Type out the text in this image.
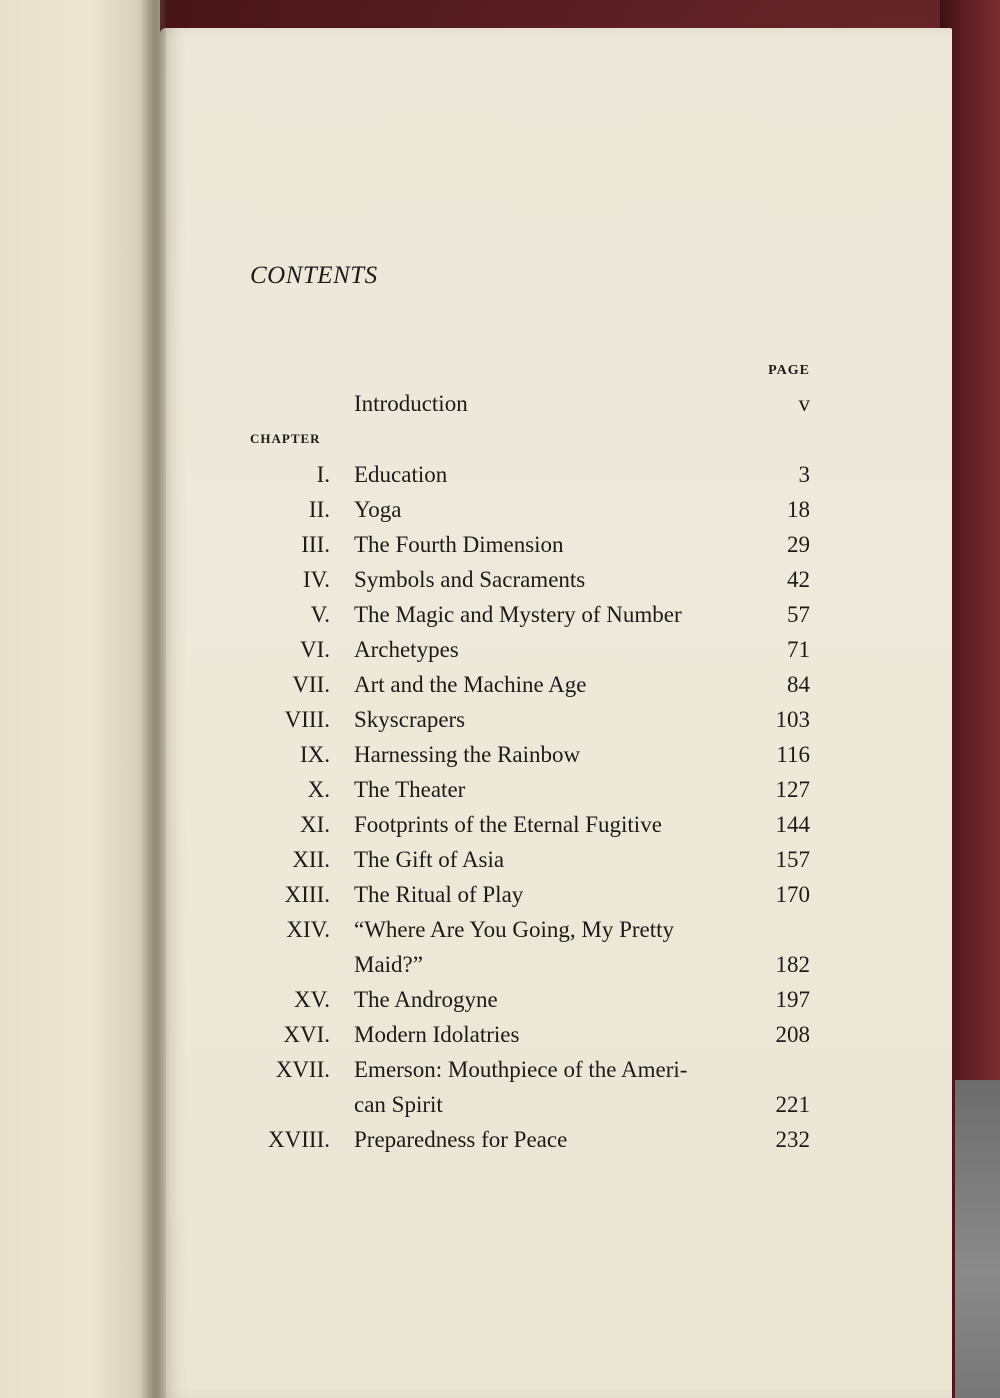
CONTENTS
PAGE
CHAPTER
Introduction	v
I. Education	3
II. Yoga	18
III. The Fourth Dimension	29
IV. Symbols and Sacraments	42
V. The Magic and Mystery of Number	57
VI. Archetypes	71
VII. Art and the Machine Age	84
VIII. Skyscrapers	103
IX. Harnessing the Rainbow	116
X. The Theater	127
XI. Footprints of the Eternal Fugitive	144
XII. The Gift of Asia	157
XIII. The Ritual of Play	170
XIV. “Where Are You Going, My Pretty
Maid?”	182
XV. The Androgyne	197
XVI. Modern Idolatries	208
XVII. Emerson: Mouthpiece of the Ameri-
can Spirit	221
XVIII. Preparedness for Peace	232
